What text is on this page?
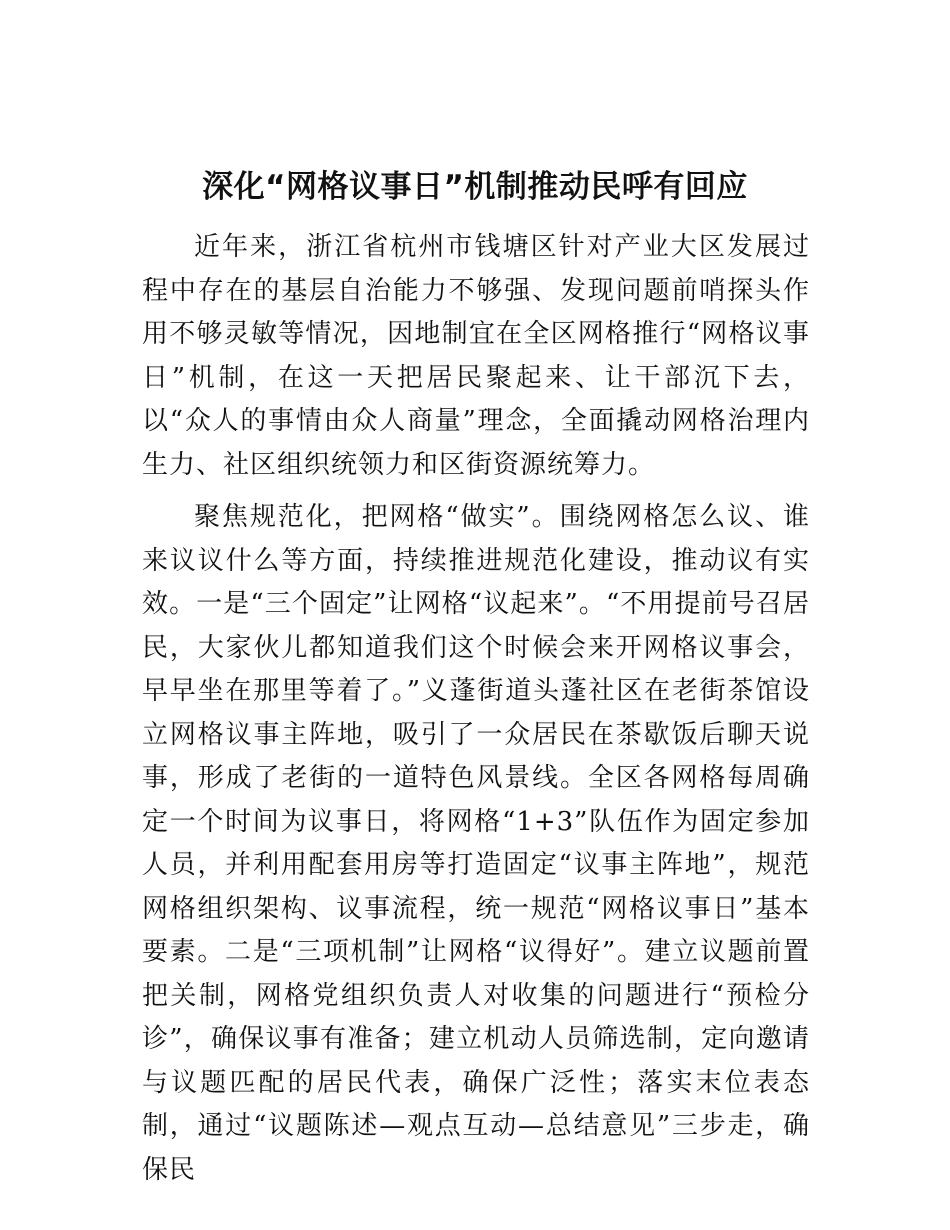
深化“网格议事日”机制推动民呼有回应

近年来，浙江省杭州市钱塘区针对产业大区发展过程中存在的基层自治能力不够强、发现问题前哨探头作用不够灵敏等情况，因地制宜在全区网格推行“网格议事日”机制，在这一天把居民聚起来、让干部沉下去，以“众人的事情由众人商量”理念，全面撬动网格治理内生力、社区组织统领力和区街资源统筹力。

聚焦规范化，把网格“做实”。围绕网格怎么议、谁来议议什么等方面，持续推进规范化建设，推动议有实效。一是“三个固定”让网格“议起来”。“不用提前号召居民，大家伙儿都知道我们这个时候会来开网格议事会，早早坐在那里等着了。”义蓬街道头蓬社区在老街茶馆设立网格议事主阵地，吸引了一众居民在茶歇饭后聊天说事，形成了老街的一道特色风景线。全区各网格每周确定一个时间为议事日，将网格“1+3”队伍作为固定参加人员，并利用配套用房等打造固定“议事主阵地”，规范网格组织架构、议事流程，统一规范“网格议事日”基本要素。二是“三项机制”让网格“议得好”。建立议题前置把关制，网格党组织负责人对收集的问题进行“预检分诊”，确保议事有准备；建立机动人员筛选制，定向邀请与议题匹配的居民代表，确保广泛性；落实末位表态制，通过“议题陈述—观点互动—总结意见”三步走，确保民
